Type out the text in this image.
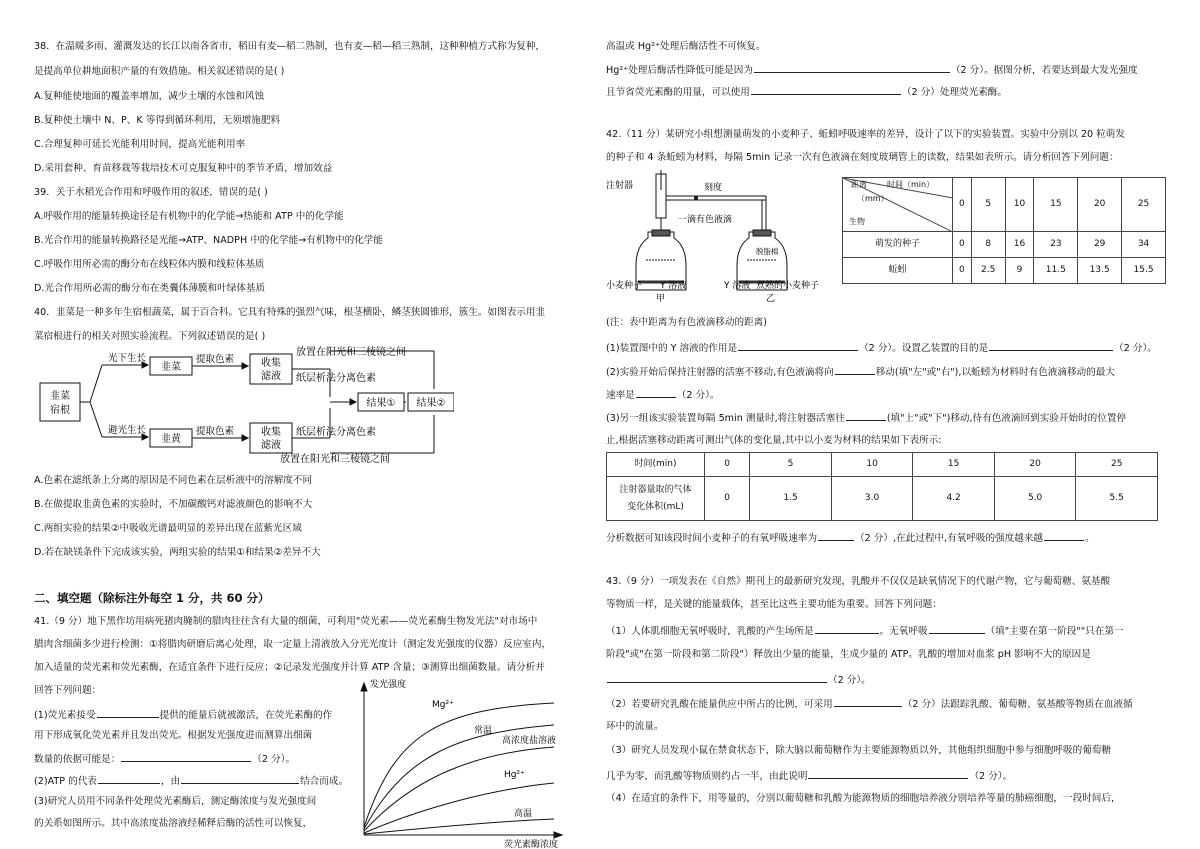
38．在温暖多雨、灌溉发达的长江以南各省市，稻田有麦—稻二熟制，也有麦—稻—稻三熟制，这种种植方式称为复种，
是提高单位耕地面积产量的有效措施。相关叙述错误的是( )
A.复种能使地面的覆盖率增加，减少土壤的水蚀和风蚀
B.复种使土壤中 N、P、K 等得到循环利用，无须增施肥料
C.合理复种可延长光能利用时间，提高光能利用率
D.采用套种、育苗移栽等栽培技术可克服复种中的季节矛盾，增加效益
39．关于水稻光合作用和呼吸作用的叙述，错误的是( )
A.呼吸作用的能量转换途径是有机物中的化学能→热能和 ATP 中的化学能
B.光合作用的能量转换路径是光能→ATP、NADPH 中的化学能→有机物中的化学能
C.呼吸作用所必需的酶分布在线粒体内膜和线粒体基质
D.光合作用所必需的酶分布在类囊体薄膜和叶绿体基质
40．韭菜是一种多年生宿根蔬菜，属于百合科。它具有特殊的强烈气味，根茎横卧，鳞茎狭圆锥形，簇生。如图表示用韭
菜宿根进行的相关对照实验流程。下列叙述错误的是( )
韭菜
宿根
光下生长
避光生长
韭菜
韭黄
提取色素
提取色素
收集
滤液
收集
滤液
放置在阳光和三棱镜之间
纸层析法分离色素
纸层析法分离色素
结果① 结果②
放置在阳光和三棱镜之间
A.色素在滤纸条上分离的原因是不同色素在层析液中的溶解度不同
B.在做提取韭黄色素的实验时，不加碳酸钙对滤液颜色的影响不大
C.两组实验的结果②中吸收光谱最明显的差异出现在蓝紫光区域
D.若在缺镁条件下完成该实验，两组实验的结果①和结果②差异不大
二、填空题（除标注外每空 1 分，共 60 分）
41.（9 分）地下黑作坊用病死猪肉腌制的腊肉往往含有大量的细菌，可利用"荧光素——荧光素酶生物发光法"对市场中
腊肉含细菌多少进行检测：①将腊肉研磨后离心处理，取一定量上清液放入分光光度计（测定发光强度的仪器）反应室内，
加入适量的荧光素和荧光素酶，在适宜条件下进行反应；②记录发光强度并计算 ATP 含量；③测算出细菌数量。请分析并
回答下列问题：
(1)荧光素接受	提供的能量后就被激活，在荧光素酶的作
用下形成氧化荧光素并且发出荧光。根据发光强度进而测算出细菌
数量的依据可能是：	（2 分）。
(2)ATP 的代表	，由	结合而成。
(3)研究人员用不同条件处理荧光素酶后，测定酶浓度与发光强度间
的关系如图所示。其中高浓度盐溶液经稀释后酶的活性可以恢复，
发光强度
荧光素酶浓度
Mg²⁺
常温
高浓度盐溶液
Hg²⁺
高温
高温或 Hg²⁺处理后酶活性不可恢复。
Hg²⁺处理后酶活性降低可能是因为	（2 分）。据图分析，若要达到最大发光强度
且节省荧光素酶的用量，可以使用	（2 分）处理荧光素酶。
42.（11 分）某研究小组想测量萌发的小麦种子、蚯蚓呼吸速率的差异，设计了以下的实验装置。实验中分别以 20 粒萌发
的种子和 4 条蚯蚓为材料，每隔 5min 记录一次有色液滴在刻度玻璃管上的读数，结果如表所示。请分析回答下列问题：
注射器	刻度
一滴有色液滴
脱脂棉
小麦种子 Y 溶液
甲
Y 溶液 煮熟的小麦种子
乙
距离 时间（min）
（mm）
生物	0	5	10	15	20	25
萌发的种子	0	8	16	23	29	34
蚯蚓	0	2.5	9	11.5	13.5	15.5
(注：表中距离为有色液滴移动的距离)
(1)装置图中的 Y 溶液的作用是	（2 分）。设置乙装置的目的是	（2 分）。
(2)实验开始后保持注射器的活塞不移动,有色液滴将向	移动(填"左"或"右"),以蚯蚓为材料时有色液滴移动的最大
速率是	（2 分）。
(3)另一组该实验装置每隔 5min 测量时,将注射器活塞往	(填"上"或"下")移动,待有色液滴回到实验开始时的位置停
止,根据活塞移动距离可测出气体的变化量,其中以小麦为材料的结果如下表所示:
时间(min)	0	5	10	15	20	25

注射器量取的气体
变化体积(mL)	0	1.5	3.0	4.2	5.0	5.5
分析数据可知该段时间小麦种子的有氧呼吸速率为	（2 分）,在此过程中,有氧呼吸的强度越来越	。
43.（9 分）一项发表在《自然》期刊上的最新研究发现，乳酸并不仅仅是缺氧情况下的代谢产物，它与葡萄糖、氨基酸
等物质一样，是关键的能量载体，甚至比这些主要功能为重要。回答下列问题：
（1）人体肌细胞无氧呼吸时，乳酸的产生场所是	。无氧呼吸	（填"主要在第一阶段""只在第一
阶段"或"在第一阶段和第二阶段"）释放出少量的能量，生成少量的 ATP。乳酸的增加对血浆 pH 影响不大的原因是
（2 分）。
（2）若要研究乳酸在能量供应中所占的比例，可采用	（2 分）法跟踪乳酸、葡萄糖、氨基酸等物质在血液循
环中的流量。
（3）研究人员发现小鼠在禁食状态下，除大脑以葡萄糖作为主要能源物质以外，其他组织细胞中参与细胞呼吸的葡萄糖
几乎为零，而乳酸等物质则约占一半，由此说明	（2 分）。
（4）在适宜的条件下，用等量的，分别以葡萄糖和乳酸为能源物质的细胞培养液分别培养等量的肺癌细胞，一段时间后，
